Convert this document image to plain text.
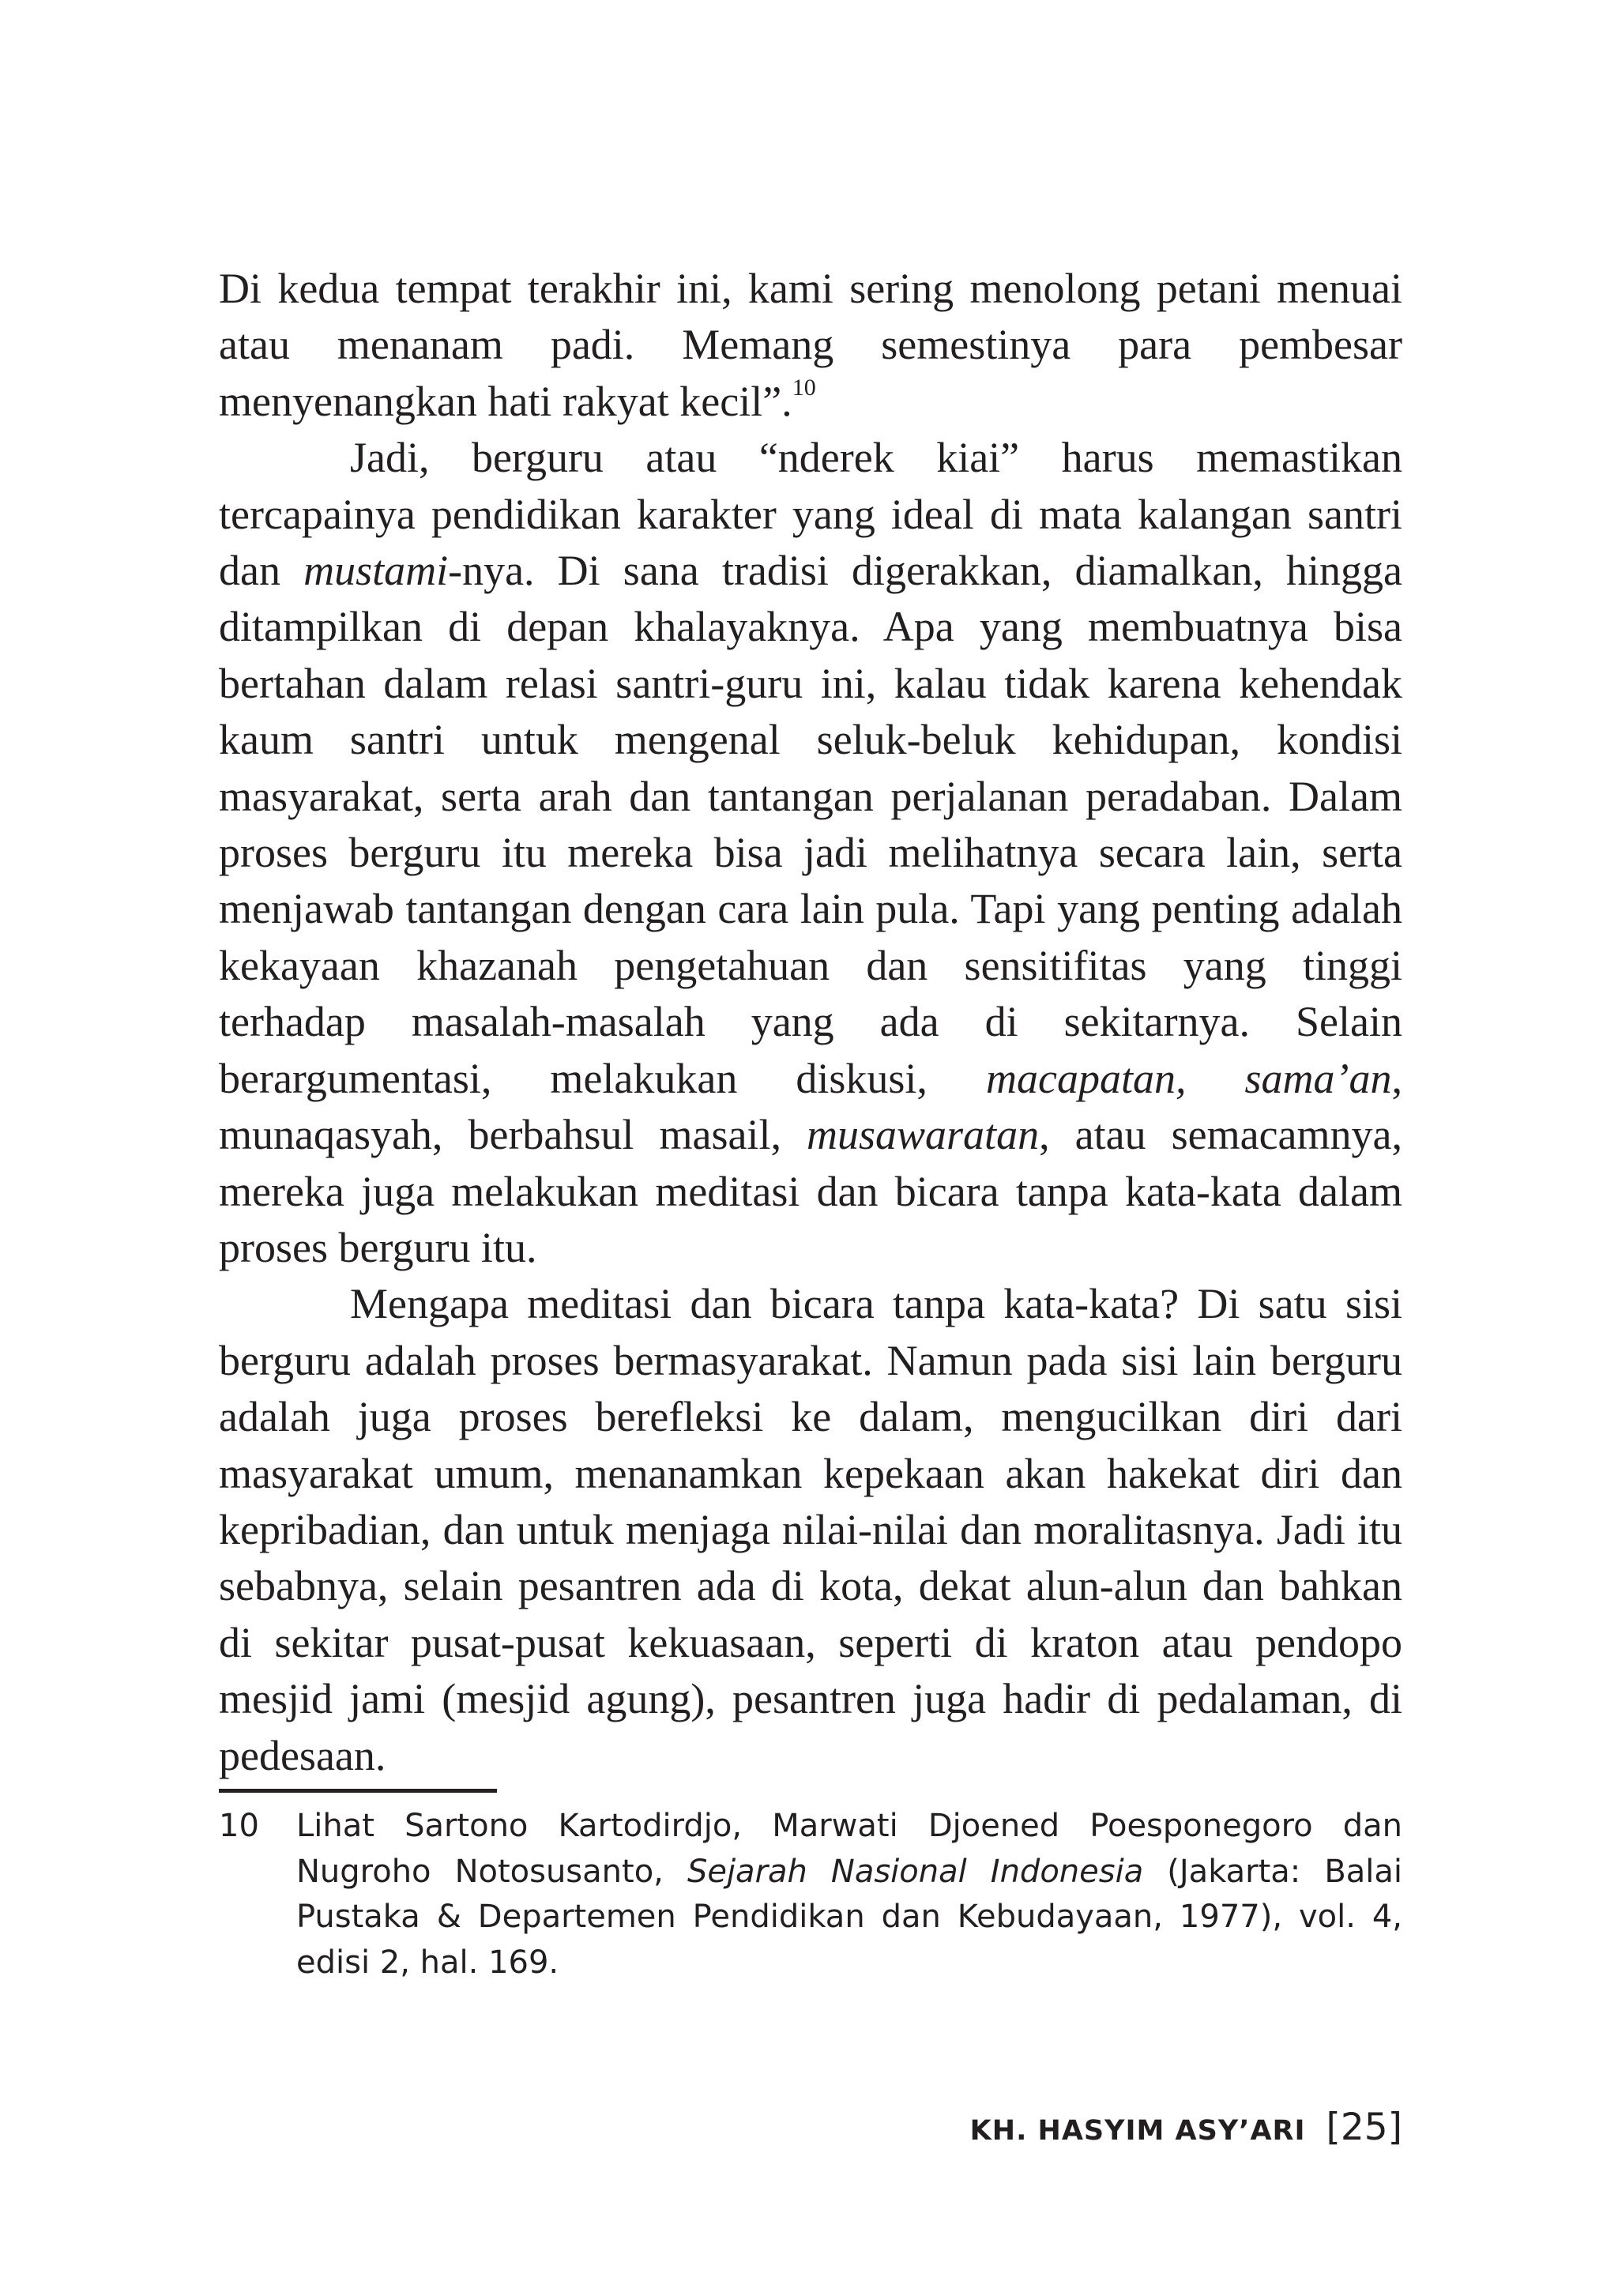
Di kedua tempat terakhir ini, kami sering menolong petani menuai atau menanam padi. Memang semestinya para pembesar menyenangkan hati rakyat kecil”.$^{10}$

Jadi, berguru atau “nderek kiai” harus memastikan tercapainya pendidikan karakter yang ideal di mata kalangan santri dan mustami-nya. Di sana tradisi digerakkan, diamalkan, hingga ditampilkan di depan khalayaknya. Apa yang membuatnya bisa bertahan dalam relasi santri-guru ini, kalau tidak karena kehendak kaum santri untuk mengenal seluk-beluk kehidupan, kondisi masyarakat, serta arah dan tantangan perjalanan peradaban. Dalam proses berguru itu mereka bisa jadi melihatnya secara lain, serta menjawab tantangan dengan cara lain pula. Tapi yang penting adalah kekayaan khazanah pengetahuan dan sensitifitas yang tinggi terhadap masalah-masalah yang ada di sekitarnya. Selain berargumentasi, melakukan diskusi, macapatan, sama’an, munaqasyah, berbahsul masail, musawaratan, atau semacamnya, mereka juga melakukan meditasi dan bicara tanpa kata-kata dalam proses berguru itu.

Mengapa meditasi dan bicara tanpa kata-kata? Di satu sisi berguru adalah proses bermasyarakat. Namun pada sisi lain berguru adalah juga proses berefleksi ke dalam, mengucilkan diri dari masyarakat umum, menanamkan kepekaan akan hakekat diri dan kepribadian, dan untuk menjaga nilai-nilai dan moralitasnya. Jadi itu sebabnya, selain pesantren ada di kota, dekat alun-alun dan bahkan di sekitar pusat-pusat kekuasaan, seperti di kraton atau pendopo mesjid jami (mesjid agung), pesantren juga hadir di pedalaman, di pedesaan.

10 Lihat Sartono Kartodirdjo, Marwati Djoened Poesponegoro dan Nugroho Notosusanto, Sejarah Nasional Indonesia (Jakarta: Balai Pustaka & Departemen Pendidikan dan Kebudayaan, 1977), vol. 4, edisi 2, hal. 169.
KH. HASYIM ASY’ARI [25]
